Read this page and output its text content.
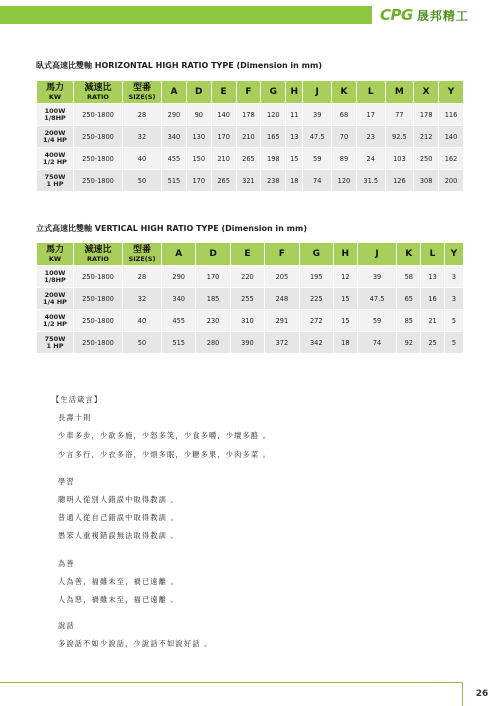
CPG 晟邦精工
臥式高速比雙軸 HORIZONTAL HIGH RATIO TYPE (Dimension in mm)
馬力
KW	減速比
RATIO	型番
SIZE(S)	A	D	E	F	G	H	J	K	L	M	X	Y

100W
1/8HP	250-1800	28	290	90	140	178	120	11	39	68	17	77	178	116

200W
1/4 HP	250-1800	32	340	130	170	210	165	13	47.5	70	23	92.5	212	140

400W
1/2 HP	250-1800	40	455	150	210	265	198	15	59	89	24	103	250	162

750W
1 HP	250-1800	50	515	170	265	321	238	18	74	120	31.5	126	308	200
立式高速比雙軸 VERTICAL HIGH RATIO TYPE (Dimension in mm)
馬力
KW	減速比
RATIO	型番
SIZE(S)	A	D	E	F	G	H	J	K	L	Y

100W
1/8HP	250-1800	28	290	170	220	205	195	12	39	58	13	3

200W
1/4 HP	250-1800	32	340	185	255	248	225	15	47.5	65	16	3

400W
1/2 HP	250-1800	40	455	230	310	291	272	15	59	85	21	5

750W
1 HP	250-1800	50	515	280	390	372	342	18	74	92	25	5
【生活箴言】
長壽十則
少車多步，少欲多施，少怒多笑，少食多嚼，少壇多酪 。
少言多行，少衣多浴，少煩多眠，少糖多果，少肉多菜 。
學習
聰明人從別人錯誤中取得教訓 。
普通人從自己錯誤中取得教訓 。
愚笨人重複錯誤無法取得教訓 。
為善
人為善，福雖未至，禍已遠離 。
人為惡，禍雖未至，福已遠離 。
說話
多說話不如少說話，少說話不如說好話 。
26
